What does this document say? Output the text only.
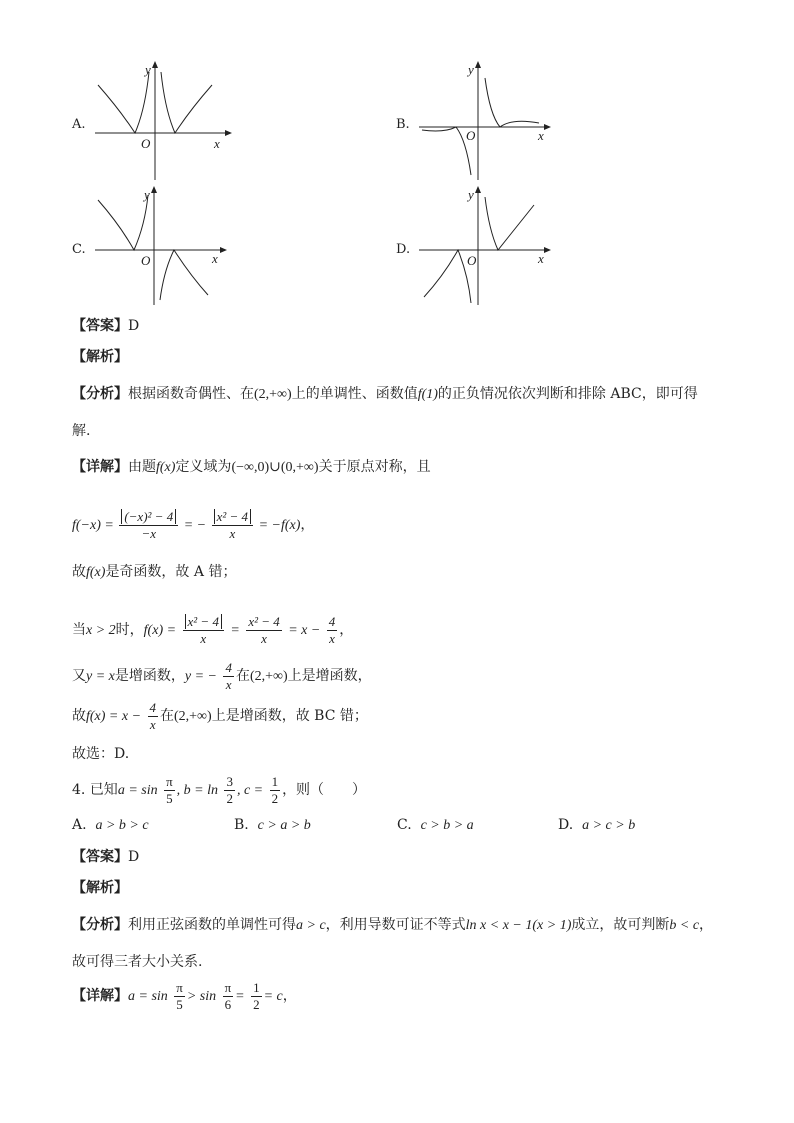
A.
x
y
O
B.
x
y
O
C.
x
y
O
D.
x
y
O
【答案】D
【解析】
【分析】根据函数奇偶性、在(2,+∞)上的单调性、函数值f(1)的正负情况依次判断和排除 ABC，即可得
解.
【详解】由题f(x)定义域为(−∞,0)∪(0,+∞)关于原点对称，且
$f(-x) = \frac{\text{(−x)² − 4}}{-x}$ = − $\frac{\text{x² − 4}}{x} = -f(x)$，
故f(x)是奇函数，故 A 错；
当x > 2时，$f(x) = \frac{\text{x² − 4}}{x} = \frac{\text{x² − 4}}{x} = x - \frac{4}{x}$ ，
又y = x是增函数，y = − $\frac{4}{x}$ 在(2,+∞)上是增函数，
故$f(x) = x - \frac{4}{x}$ 在(2,+∞)上是增函数，故 BC 错；
故选：D.
4. 已知$a = \sin \frac{\pi}{5}$ , $b = \ln \frac{3}{2}$ , $c = \frac{1}{2}$ ，则（　　）
A. a > b > c	B. c > a > b	C. c > b > a	D. a > c > b
【答案】D
【解析】
【分析】利用正弦函数的单调性可得a > c，利用导数可证不等式ln x < x − 1(x > 1)成立，故可判断b < c，
故可得三者大小关系.
【详解】$a = \sin \frac{\pi}{5} > \sin \frac{\pi}{6} = \frac{1}{2} = c$，
